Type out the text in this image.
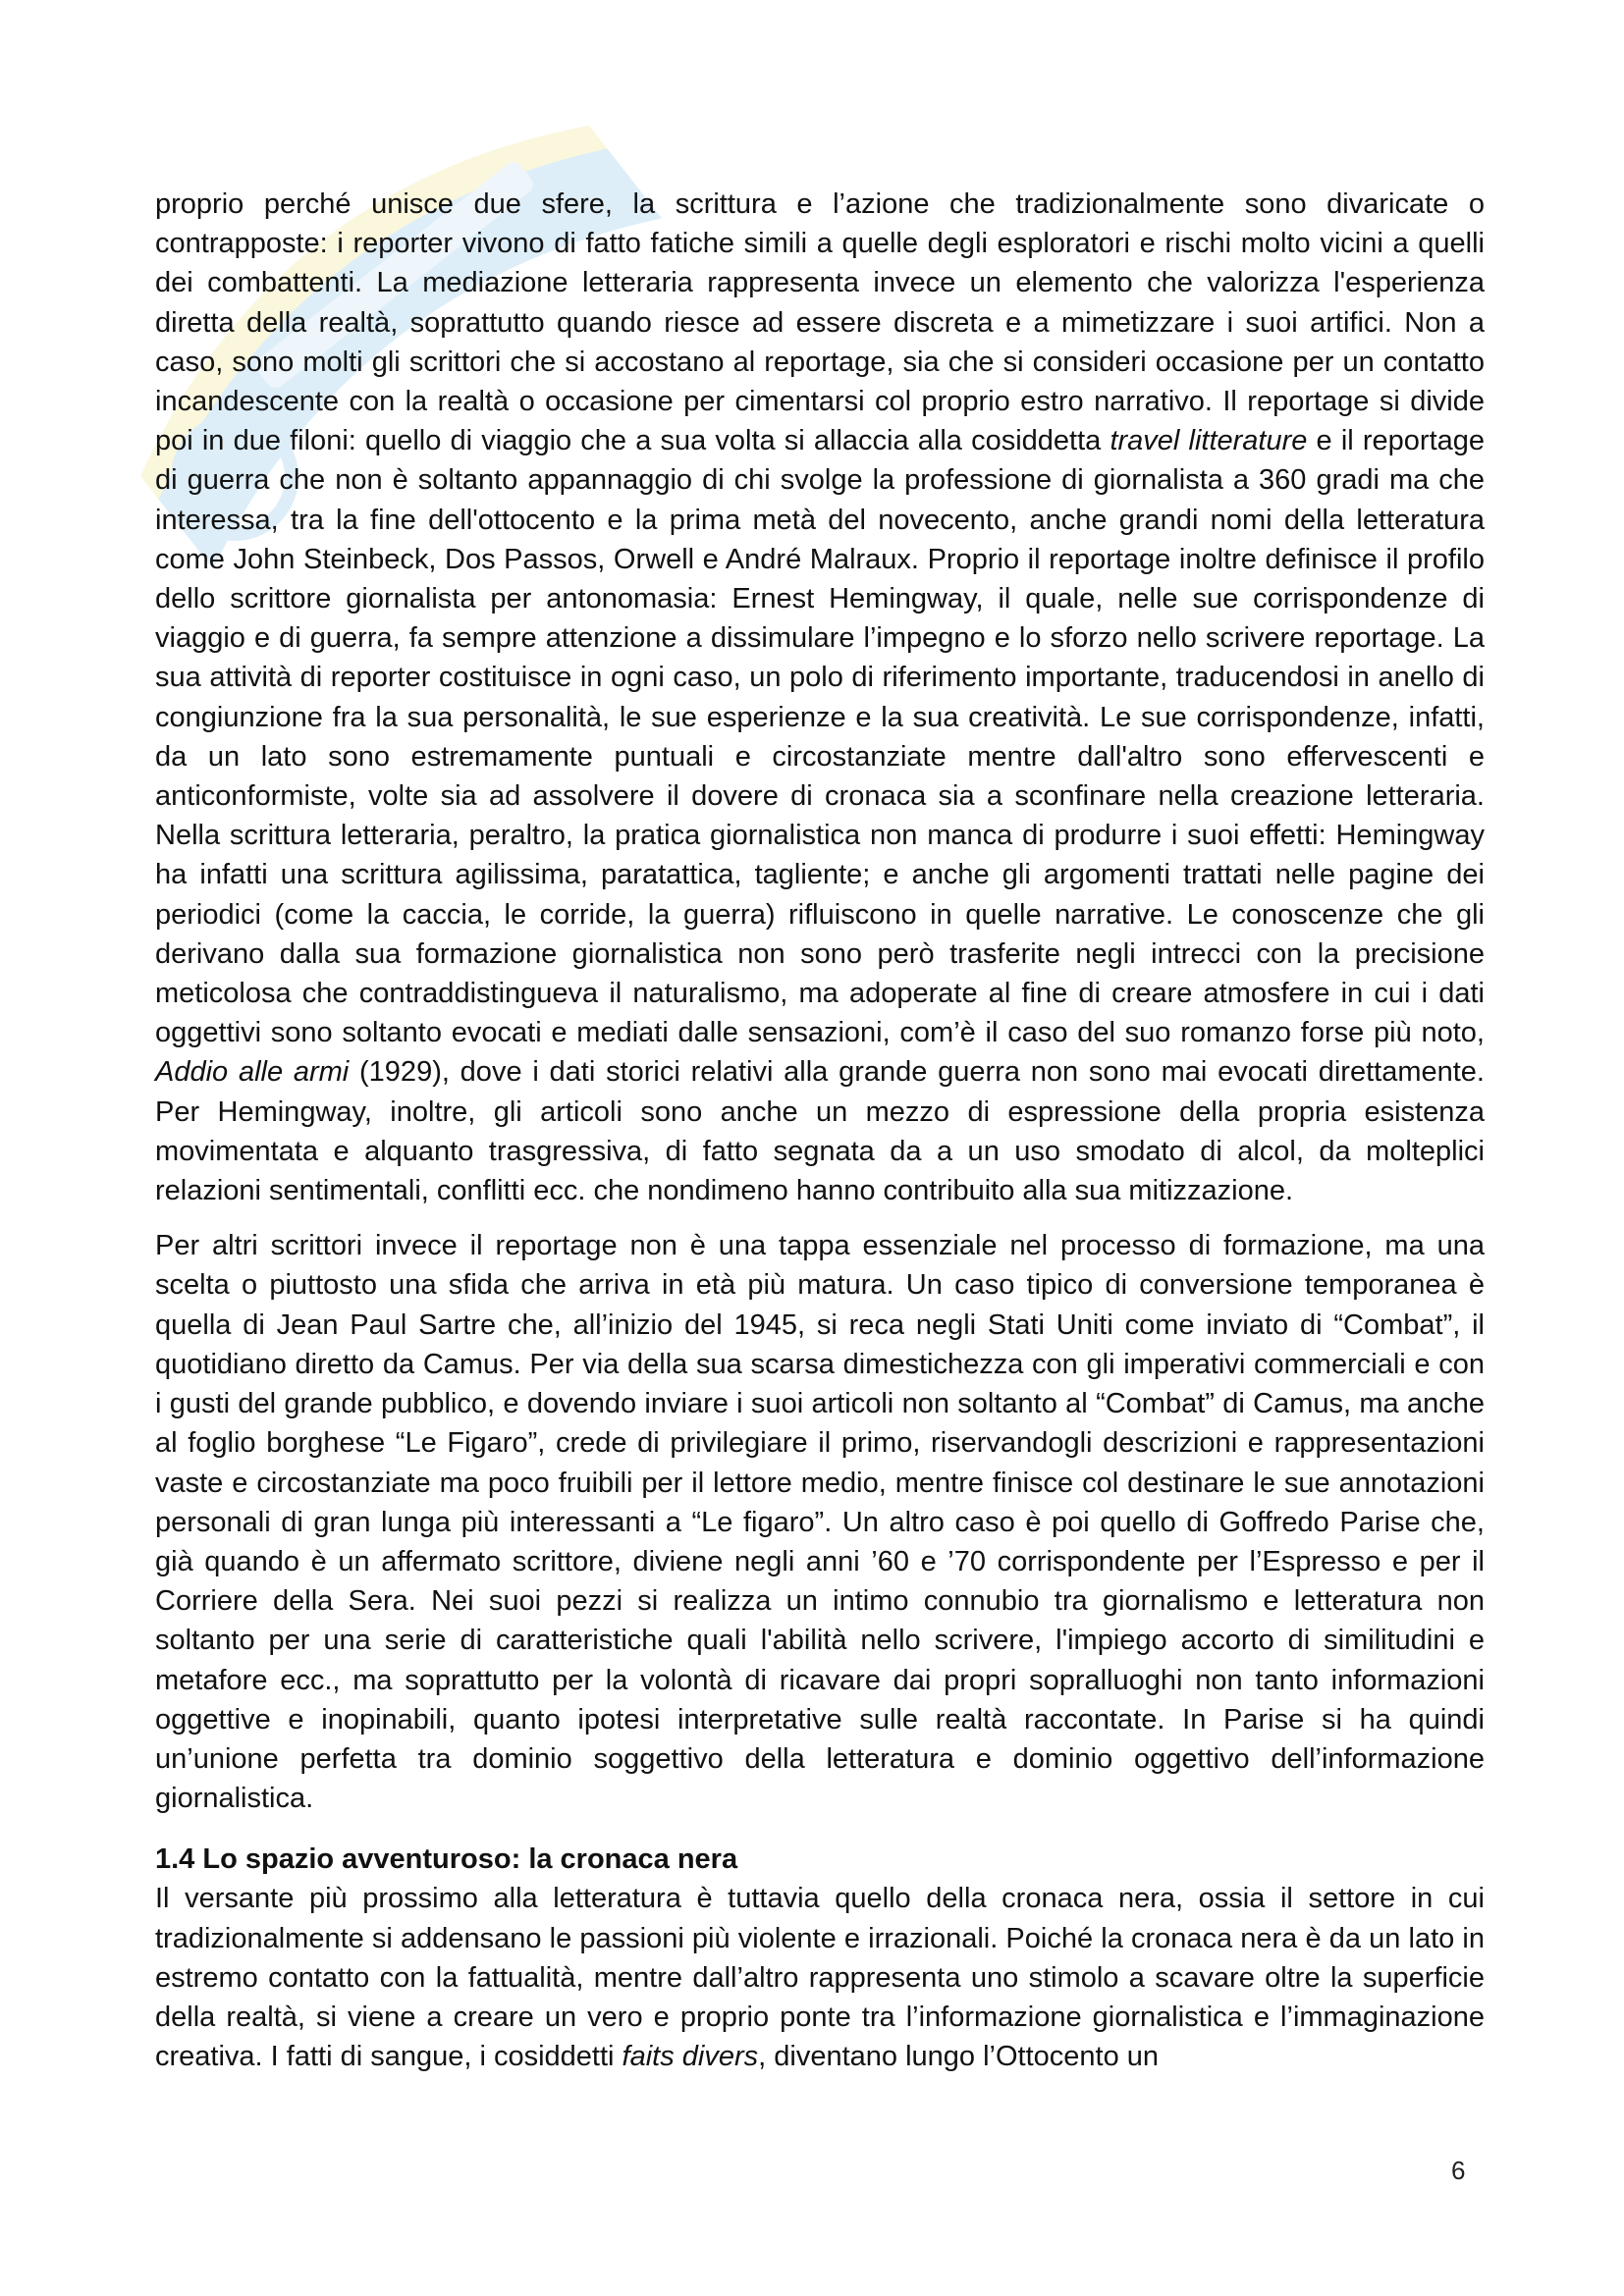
proprio perché unisce due sfere, la scrittura e l’azione che tradizionalmente sono divaricate o contrapposte: i reporter vivono di fatto fatiche simili a quelle degli esploratori e rischi molto vicini a quelli dei combattenti. La mediazione letteraria rappresenta invece un elemento che valorizza l'esperienza diretta della realtà, soprattutto quando riesce ad essere discreta e a mimetizzare i suoi artifici. Non a caso, sono molti gli scrittori che si accostano al reportage, sia che si consideri occasione per un contatto incandescente con la realtà o occasione per cimentarsi col proprio estro narrativo. Il reportage si divide poi in due filoni: quello di viaggio che a sua volta si allaccia alla cosiddetta travel litterature e il reportage di guerra che non è soltanto appannaggio di chi svolge la professione di giornalista a 360 gradi ma che interessa, tra la fine dell'ottocento e la prima metà del novecento, anche grandi nomi della letteratura come John Steinbeck, Dos Passos, Orwell e André Malraux. Proprio il reportage inoltre definisce il profilo dello scrittore giornalista per antonomasia: Ernest Hemingway, il quale, nelle sue corrispondenze di viaggio e di guerra, fa sempre attenzione a dissimulare l’impegno e lo sforzo nello scrivere reportage. La sua attività di reporter costituisce in ogni caso, un polo di riferimento importante, traducendosi in anello di congiunzione fra la sua personalità, le sue esperienze e la sua creatività. Le sue corrispondenze, infatti, da un lato sono estremamente puntuali e circostanziate mentre dall'altro sono effervescenti e anticonformiste, volte sia ad assolvere il dovere di cronaca sia a sconfinare nella creazione letteraria. Nella scrittura letteraria, peraltro, la pratica giornalistica non manca di produrre i suoi effetti: Hemingway ha infatti una scrittura agilissima, paratattica, tagliente; e anche gli argomenti trattati nelle pagine dei periodici (come la caccia, le corride, la guerra) rifluiscono in quelle narrative. Le conoscenze che gli derivano dalla sua formazione giornalistica non sono però trasferite negli intrecci con la precisione meticolosa che contraddistingueva il naturalismo, ma adoperate al fine di creare atmosfere in cui i dati oggettivi sono soltanto evocati e mediati dalle sensazioni, com’è il caso del suo romanzo forse più noto, Addio alle armi (1929), dove i dati storici relativi alla grande guerra non sono mai evocati direttamente. Per Hemingway, inoltre, gli articoli sono anche un mezzo di espressione della propria esistenza movimentata e alquanto trasgressiva, di fatto segnata da a un uso smodato di alcol, da molteplici relazioni sentimentali, conflitti ecc. che nondimeno hanno contribuito alla sua mitizzazione.

Per altri scrittori invece il reportage non è una tappa essenziale nel processo di formazione, ma una scelta o piuttosto una sfida che arriva in età più matura. Un caso tipico di conversione temporanea è quella di Jean Paul Sartre che, all’inizio del 1945, si reca negli Stati Uniti come inviato di “Combat”, il quotidiano diretto da Camus. Per via della sua scarsa dimestichezza con gli imperativi commerciali e con i gusti del grande pubblico, e dovendo inviare i suoi articoli non soltanto al “Combat” di Camus, ma anche al foglio borghese “Le Figaro”, crede di privilegiare il primo, riservandogli descrizioni e rappresentazioni vaste e circostanziate ma poco fruibili per il lettore medio, mentre finisce col destinare le sue annotazioni personali di gran lunga più interessanti a “Le figaro”. Un altro caso è poi quello di Goffredo Parise che, già quando è un affermato scrittore, diviene negli anni ’60 e ’70 corrispondente per l’Espresso e per il Corriere della Sera. Nei suoi pezzi si realizza un intimo connubio tra giornalismo e letteratura non soltanto per una serie di caratteristiche quali l'abilità nello scrivere, l'impiego accorto di similitudini e metafore ecc., ma soprattutto per la volontà di ricavare dai propri sopralluoghi non tanto informazioni oggettive e inopinabili, quanto ipotesi interpretative sulle realtà raccontate. In Parise si ha quindi un’unione perfetta tra dominio soggettivo della letteratura e dominio oggettivo dell’informazione giornalistica.

1.4 Lo spazio avventuroso: la cronaca nera

Il versante più prossimo alla letteratura è tuttavia quello della cronaca nera, ossia il settore in cui tradizionalmente si addensano le passioni più violente e irrazionali. Poiché la cronaca nera è da un lato in estremo contatto con la fattualità, mentre dall’altro rappresenta uno stimolo a scavare oltre la superficie della realtà, si viene a creare un vero e proprio ponte tra l’informazione giornalistica e l’immaginazione creativa. I fatti di sangue, i cosiddetti faits divers, diventano lungo l’Ottocento un

6
